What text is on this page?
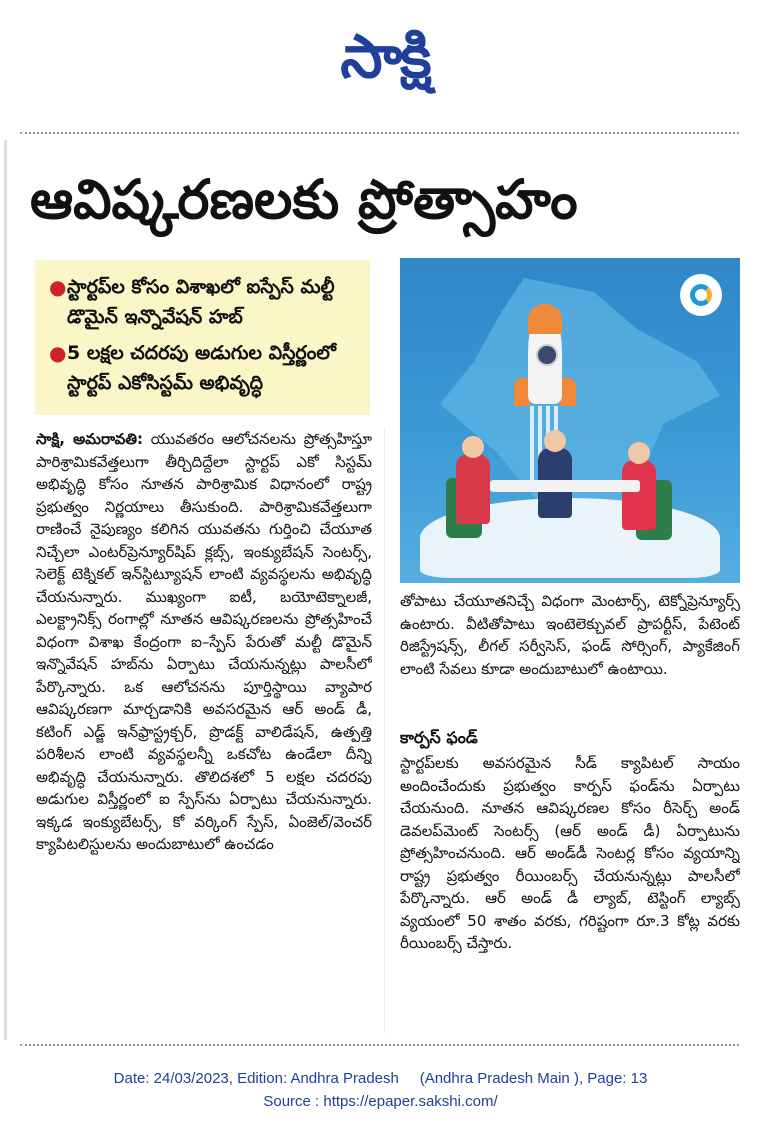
సాక్షి
ఆవిష్కరణలకు ప్రోత్సాహం
● స్టార్టప్‌ల కోసం విశాఖలో ఐస్పేస్ మల్టీ డొమైన్ ఇన్నొవేషన్ హబ్
● 5 లక్షల చదరపు అడుగుల విస్తీర్ణంలో స్టార్టప్ ఎకోసిస్టమ్ అభివృద్ధి
సాక్షి, అమరావతి: యువతరం ఆలోచనలను ప్రోత్సహిస్తూ పారిశ్రామికవేత్తలుగా తీర్చిదిద్దేలా స్టార్టప్ ఎకో సిస్టమ్ అభివృద్ధి కోసం నూతన పారిశ్రామిక విధానంలో రాష్ట్ర ప్రభుత్వం నిర్ణయాలు తీసుకుంది. పారిశ్రామికవేత్తలుగా రాణించే నైపుణ్యం కలిగిన యువతను గుర్తించి చేయూత నిచ్చేలా ఎంటర్‌ప్రెన్యూర్‌షిప్ క్లబ్స్, ఇంక్యుబేషన్ సెంటర్స్, సెలెక్ట్ టెక్నికల్ ఇన్‌స్టిట్యూషన్ లాంటి వ్యవస్థలను అభివృద్ధి చేయనున్నారు. ముఖ్యంగా ఐటీ, బయోటెక్నాలజీ, ఎలక్ట్రానిక్స్ రంగాల్లో నూతన ఆవిష్కరణలను ప్రోత్సహించే విధంగా విశాఖ కేంద్రంగా ఐ–స్పేస్ పేరుతో మల్టీ డొమైన్ ఇన్నొవేషన్ హబ్‌ను ఏర్పాటు చేయనున్నట్లు పాలసీలో పేర్కొన్నారు. ఒక ఆలోచనను పూర్తిస్థాయి వ్యాపార ఆవిష్కరణగా మార్చడానికి అవసరమైన ఆర్ అండ్ డీ, కటింగ్ ఎడ్జ్ ఇన్‌ఫ్రాస్ట్రక్చర్, ప్రొడక్ట్ వాలిడేషన్, ఉత్పత్తి పరిశీలన లాంటి వ్యవస్థలన్నీ ఒకచోట ఉండేలా దీన్ని అభివృద్ధి చేయనున్నారు. తొలిదశలో 5 లక్షల చదరపు అడుగుల విస్తీర్ణంలో ఐ స్పేస్‌ను ఏర్పాటు చేయనున్నారు. ఇక్కడ ఇంక్యుబేటర్స్, కో వర్కింగ్ స్పేస్, ఏంజెల్/వెంచర్ క్యాపిటలిస్టులను అందుబాటులో ఉంచడం
తోపాటు చేయూతనిచ్చే విధంగా మెంటార్స్, టెక్నోప్రెన్యూర్స్ ఉంటారు. వీటితోపాటు ఇంటెలెక్చువల్ ప్రాపర్టీస్, పేటెంట్ రిజిస్ట్రేషన్స్, లీగల్ సర్వీసెస్, ఫండ్ సోర్సింగ్, ప్యాకేజింగ్ లాంటి సేవలు కూడా అందుబాటులో ఉంటాయి.
కార్పస్ ఫండ్
స్టార్టప్‌లకు అవసరమైన సీడ్ క్యాపిటల్ సాయం అందించేందుకు ప్రభుత్వం కార్పస్ ఫండ్‌ను ఏర్పాటు చేయనుంది. నూతన ఆవిష్కరణల కోసం రీసెర్చ్ అండ్ డెవలప్‌మెంట్ సెంటర్స్ (ఆర్ అండ్ డీ) ఏర్పాటును ప్రోత్సహించనుంది. ఆర్ అండ్‌డీ సెంటర్ల కోసం వ్యయాన్ని రాష్ట్ర ప్రభుత్వం రీయింబర్స్ చేయనున్నట్లు పాలసీలో పేర్కొన్నారు. ఆర్ అండ్ డీ ల్యాబ్, టెస్టింగ్ ల్యాబ్స్ వ్యయంలో 50 శాతం వరకు, గరిష్టంగా రూ.3 కోట్ల వరకు రీయింబర్స్ చేస్తారు.
Date: 24/03/2023, Edition: Andhra Pradesh     (Andhra Pradesh Main ), Page: 13
Source : https://epaper.sakshi.com/
